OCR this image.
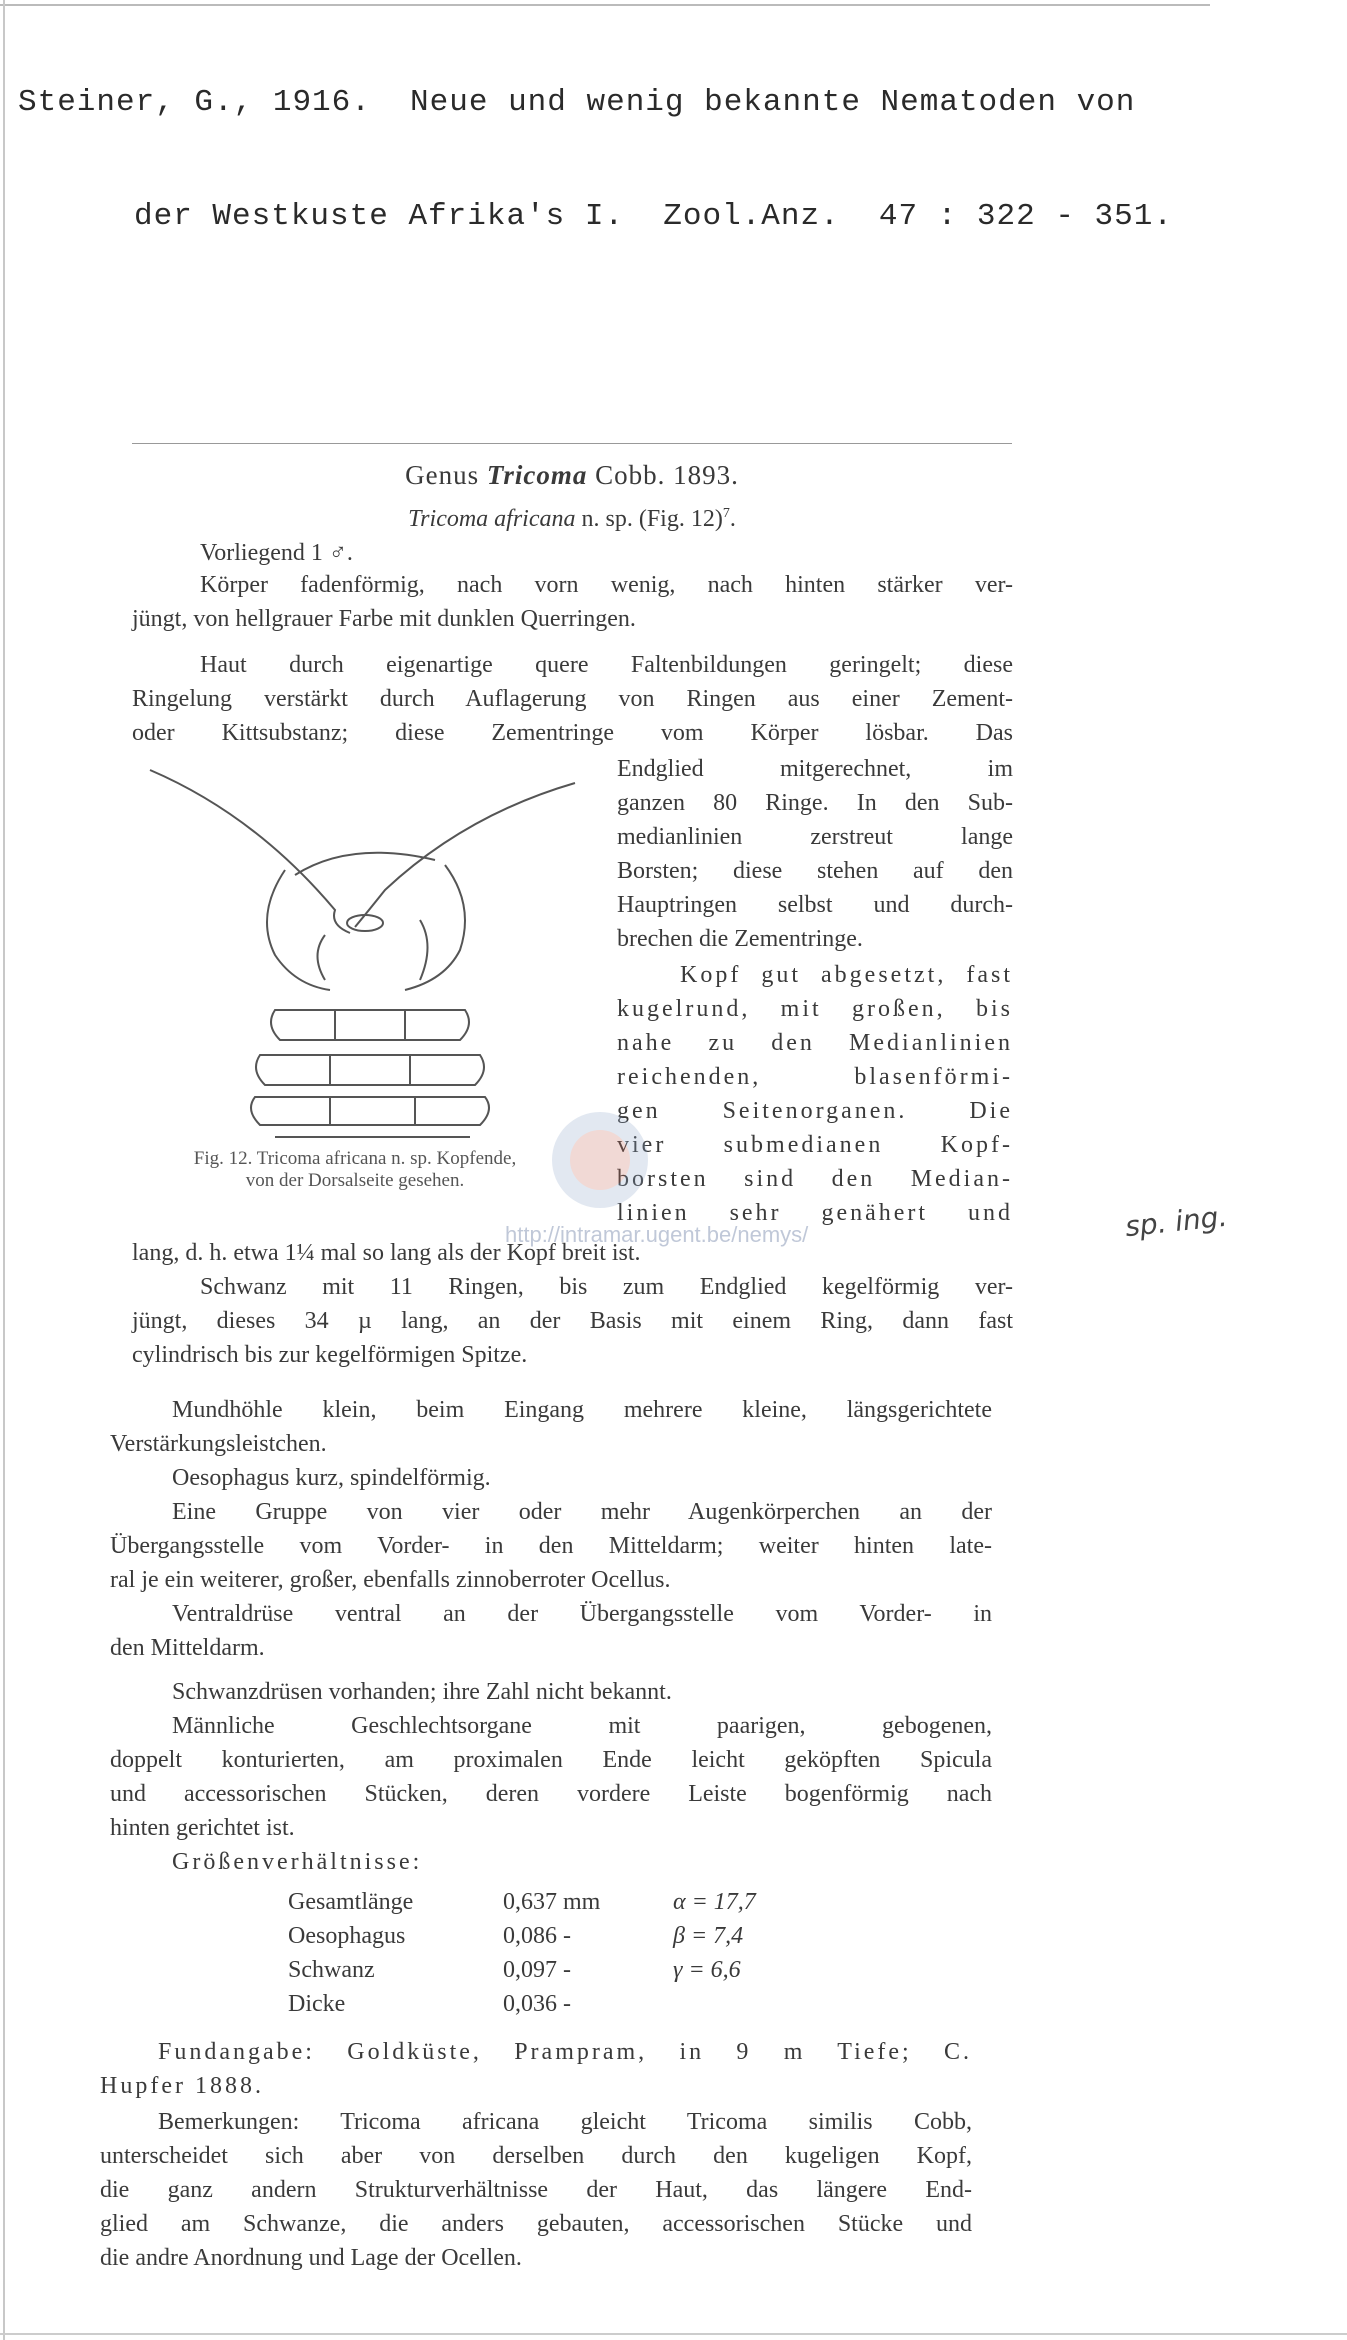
Steiner, G., 1916.  Neue und wenig bekannte Nematoden von

der Westkuste Afrika's I.  Zool.Anz.  47 : 322 - 351.

Genus Tricoma Cobb. 1893.
Tricoma africana n. sp. (Fig. 12)$^7$.
Vorliegend 1 ♂.
Körper fadenförmig, nach vorn wenig, nach hinten stärker ver-
jüngt, von hellgrauer Farbe mit dunklen Querringen.
Haut durch eigenartige quere Faltenbildungen geringelt; diese
Ringelung verstärkt durch Auflagerung von Ringen aus einer Zement-
oder Kittsubstanz; diese Zementringe vom Körper lösbar. Das
Endglied mitgerechnet, im
ganzen 80 Ringe. In den Sub-
medianlinien zerstreut lange
Borsten; diese stehen auf den
Hauptringen selbst und durch-
brechen die Zementringe.
Kopf gut abgesetzt, fast
kugelrund, mit großen, bis
nahe zu den Medianlinien
reichenden, blasenförmi-
gen Seitenorganen. Die
vier submedianen Kopf-
borsten sind den Median-
linien sehr genähert und
Fig. 12. Tricoma africana n. sp. Kopfende,
von der Dorsalseite gesehen.
sp. ing.
lang, d. h. etwa 1¼ mal so lang als der Kopf breit ist.
http://intramar.ugent.be/nemys/
Schwanz mit 11 Ringen, bis zum Endglied kegelförmig ver-
jüngt, dieses 34 µ lang, an der Basis mit einem Ring, dann fast
cylindrisch bis zur kegelförmigen Spitze.
Mundhöhle klein, beim Eingang mehrere kleine, längsgerichtete
Verstärkungsleistchen.
Oesophagus kurz, spindelförmig.
Eine Gruppe von vier oder mehr Augenkörperchen an der
Übergangsstelle vom Vorder- in den Mitteldarm; weiter hinten late-
ral je ein weiterer, großer, ebenfalls zinnoberroter Ocellus.
Ventraldrüse ventral an der Übergangsstelle vom Vorder- in
den Mitteldarm.
Schwanzdrüsen vorhanden; ihre Zahl nicht bekannt.
Männliche Geschlechtsorgane mit paarigen, gebogenen,
doppelt konturierten, am proximalen Ende leicht geköpften Spicula
und accessorischen Stücken, deren vordere Leiste bogenförmig nach
hinten gerichtet ist.
Größenverhältnisse:
Gesamtlänge	0,637 mm	α = 17,7
Oesophagus	0,086 -	β = 7,4
Schwanz	0,097 -	γ = 6,6
Dicke	0,036 -	
Fundangabe: Goldküste, Prampram, in 9 m Tiefe; C.
Hupfer 1888.
Bemerkungen: Tricoma africana gleicht Tricoma similis Cobb,
unterscheidet sich aber von derselben durch den kugeligen Kopf,
die ganz andern Strukturverhältnisse der Haut, das längere End-
glied am Schwanze, die anders gebauten, accessorischen Stücke und
die andre Anordnung und Lage der Ocellen.
